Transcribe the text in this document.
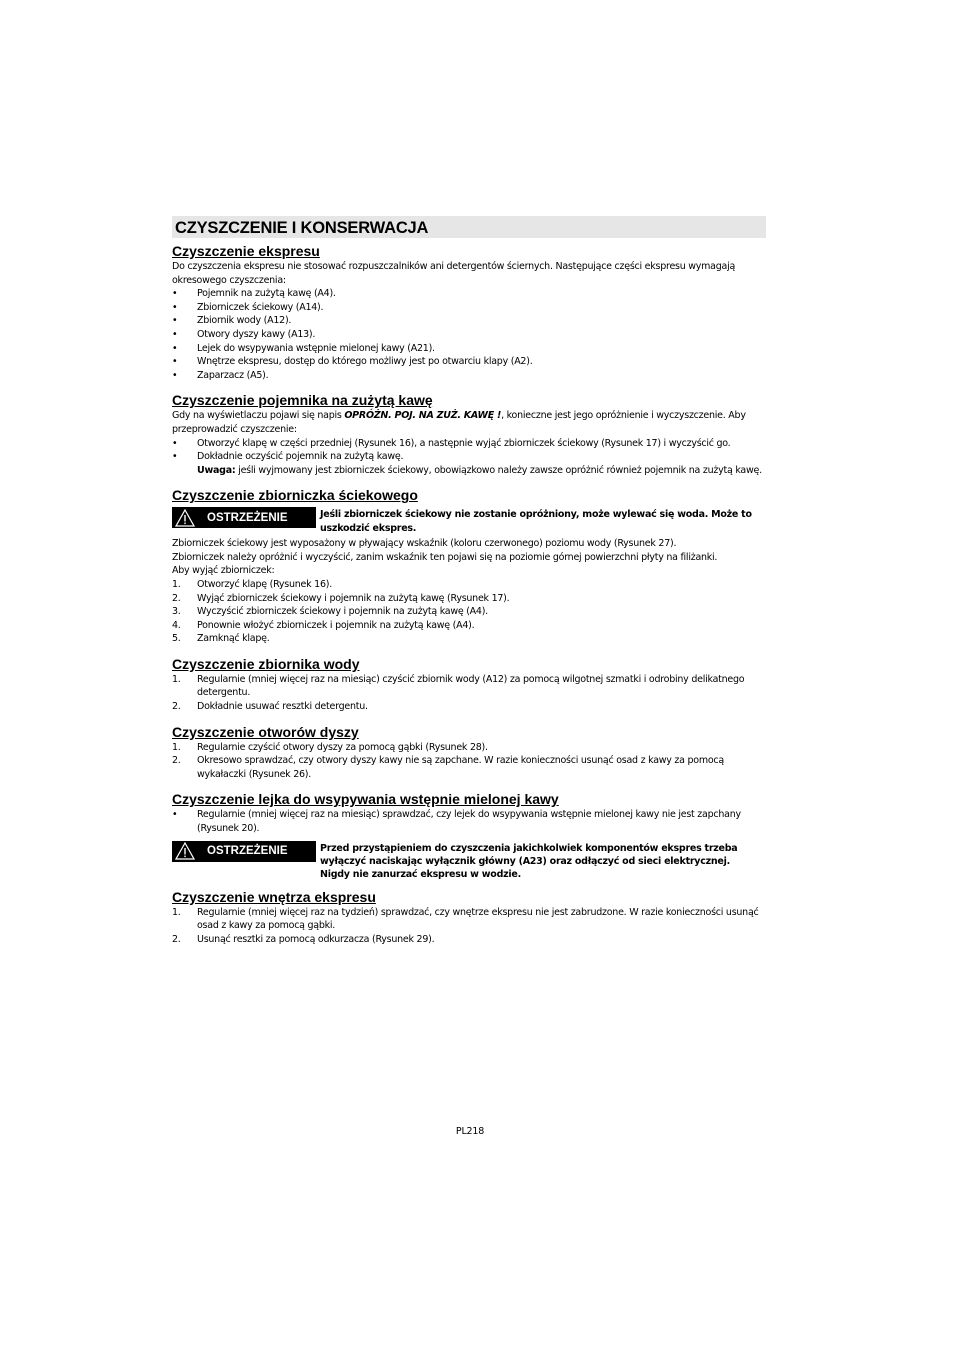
CZYSZCZENIE I KONSERWACJA
Czyszczenie ekspresu

Do czyszczenia ekspresu nie stosować rozpuszczalników ani detergentów ściernych. Następujące części ekspresu wymagają okresowego czyszczenia:

• Pojemnik na zużytą kawę (A4).
• Zbiorniczek ściekowy (A14).
• Zbiornik wody (A12).
• Otwory dyszy kawy (A13).
• Lejek do wsypywania wstępnie mielonej kawy (A21).
• Wnętrze ekspresu, dostęp do którego możliwy jest po otwarciu klapy (A2).
• Zaparzacz (A5).
Czyszczenie pojemnika na zużytą kawę

Gdy na wyświetlaczu pojawi się napis OPRÓŻN. POJ. NA ZUŻ. KAWĘ !, konieczne jest jego opróżnienie i wyczyszczenie. Aby przeprowadzić czyszczenie:

• Otworzyć klapę w części przedniej (Rysunek 16), a następnie wyjąć zbiorniczek ściekowy (Rysunek 17) i wyczyścić go.
• Dokładnie oczyścić pojemnik na zużytą kawę.

Uwaga: jeśli wyjmowany jest zbiorniczek ściekowy, obowiązkowo należy zawsze opróżnić również pojemnik na zużytą kawę.

Czyszczenie zbiorniczka ściekowego
OSTRZEŻENIE	Jeśli zbiorniczek ściekowy nie zostanie opróżniony, może wylewać się woda. Może to uszkodzić ekspres.

Zbiorniczek ściekowy jest wyposażony w pływający wskaźnik (koloru czerwonego) poziomu wody (Rysunek 27).

Zbiorniczek należy opróżnić i wyczyścić, zanim wskaźnik ten pojawi się na poziomie górnej powierzchni płyty na filiżanki.

Aby wyjąć zbiorniczek:

1. Otworzyć klapę (Rysunek 16).
2. Wyjąć zbiorniczek ściekowy i pojemnik na zużytą kawę (Rysunek 17).
3. Wyczyścić zbiorniczek ściekowy i pojemnik na zużytą kawę (A4).
4. Ponownie włożyć zbiorniczek i pojemnik na zużytą kawę (A4).
5. Zamknąć klapę.
Czyszczenie zbiornika wody
1. Regularnie (mniej więcej raz na miesiąc) czyścić zbiornik wody (A12) za pomocą wilgotnej szmatki i odrobiny delikatnego detergentu.
2. Dokładnie usuwać resztki detergentu.
Czyszczenie otworów dyszy
1. Regularnie czyścić otwory dyszy za pomocą gąbki (Rysunek 28).
2. Okresowo sprawdzać, czy otwory dyszy kawy nie są zapchane. W razie konieczności usunąć osad z kawy za pomocą wykałaczki (Rysunek 26).
Czyszczenie lejka do wsypywania wstępnie mielonej kawy
• Regularnie (mniej więcej raz na miesiąc) sprawdzać, czy lejek do wsypywania wstępnie mielonej kawy nie jest zapchany (Rysunek 20).
OSTRZEŻENIE	Przed przystąpieniem do czyszczenia jakichkolwiek komponentów ekspres trzeba wyłączyć naciskając wyłącznik główny (A23) oraz odłączyć od sieci elektrycznej.
Nigdy nie zanurzać ekspresu w wodzie.
Czyszczenie wnętrza ekspresu
1. Regularnie (mniej więcej raz na tydzień) sprawdzać, czy wnętrze ekspresu nie jest zabrudzone. W razie konieczności usunąć osad z kawy za pomocą gąbki.
2. Usunąć resztki za pomocą odkurzacza (Rysunek 29).
PL218
